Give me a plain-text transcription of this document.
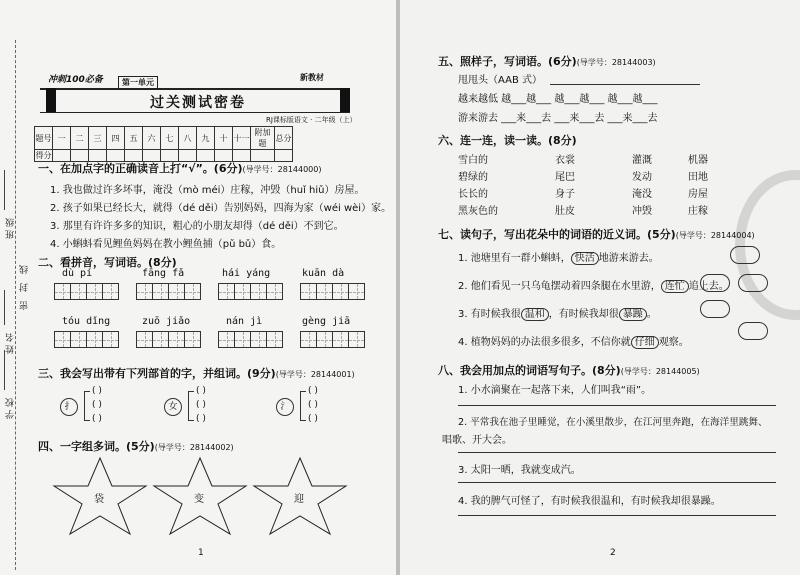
班级
密 封 线
姓名
学校
冲刺100必备	第一单元
新教材
过关测试密卷
RJ课标版语文 · 二年级（上）
题号	一	二	三	四	五	六	七	八	九	十	十一	附加题	总分
得分													
一、在加点字的正确读音上打“√”。(6分)(导学号：28144000)
1. 我也做过许多坏事，淹没（mò méi）庄稼，冲毁（huǐ hiǔ）房屋。
2. 孩子如果已经长大，就得（dé děi）告别妈妈，四海为家（wéi wèi）家。
3. 那里有许许多多的知识，粗心的小朋友却得（dé děi）不到它。
4. 小蝌蚪看见鲤鱼妈妈在教小鲤鱼捕（pǔ bǔ）食。
二、看拼音，写词语。(8分)
dù pí	fāng fǎ	hái yáng	kuān dà
tóu dǐng	zuō jiǎo	nán jì	gèng jiā
三、我会写出带有下列部首的字，并组词。(9分)(导学号：28144001)
扌
( )
( )
( )
女
( )
( )
( )
氵
( )
( )
( )
四、一字组多词。(5分)(导学号：28144002)
袋	变	迎
1
五、照样子，写词语。(6分)(导学号：28144003)
甩甩头（AAB 式）
越来越低 越___越___ 越___越___ 越___越___
游来游去 ___来___去 ___来___去 ___来___去
六、连一连，读一读。(8分)
雪白的
碧绿的
长长的
黑灰色的
衣裳
尾巴
身子
肚皮
灌溉
发动
淹没
冲毁
机器
田地
房屋
庄稼
七、读句子，写出花朵中的词语的近义词。(5分)(导学号：28144004)
1. 池塘里有一群小蝌蚪， 快活 地游来游去。
2. 他们看见一只乌龟摆动着四条腿在水里游， 连忙 追上去。
3. 有时候我很 温和 ，有时候我却很 暴躁 。
4. 植物妈妈的办法很多很多，不信你就 仔细 观察。
八、我会用加点的词语写句子。(8分)(导学号：28144005)
1. 小水滴聚在一起落下来，人们叫我“雨”。
2. 平常我在池子里睡觉，在小溪里散步，在江河里奔跑，在海洋里跳舞、
唱歌、开大会。
3. 太阳一晒，我就变成汽。
4. 我的脾气可怪了，有时候我很温和，有时候我却很暴躁。
2
